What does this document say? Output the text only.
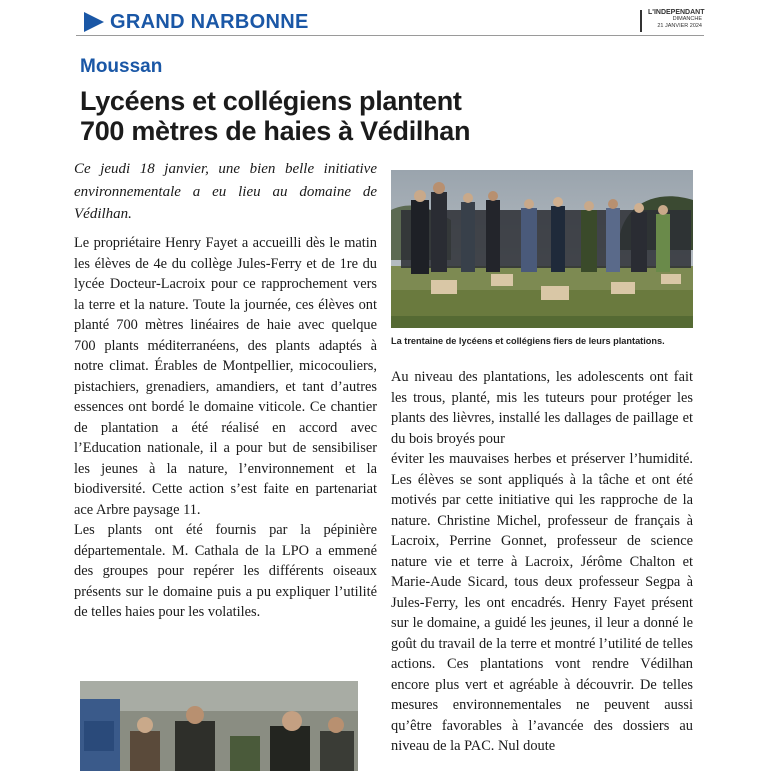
GRAND NARBONNE	L'INDEPENDANT
DIMANCHE
21 JANVIER 2024
Moussan
Lycéens et collégiens plantent
700 mètres de haies à Védilhan
Ce jeudi 18 janvier, une bien belle initiative environnementale a eu lieu au domaine de Védilhan.

Le propriétaire Henry Fayet a accueilli dès le matin les élèves de 4e du collège Jules-Ferry et de 1re du lycée Docteur-Lacroix pour ce rapprochement vers la terre et la nature. Toute la journée, ces élèves ont planté 700 mètres linéaires de haie avec quelque 700 plants méditerranéens, des plants adaptés à notre climat. Érables de Montpellier, micocouliers, pistachiers, grenadiers, amandiers, et tant d’autres essences ont bordé le domaine viticole. Ce chantier de plantation a été réalisé en accord avec l’Education nationale, il a pour but de sensibiliser les jeunes à la nature, l’environnement et la biodiversité. Cette action s’est faite en partenariat ace Arbre paysage 11.

Les plants ont été fournis par la pépinière départementale. M. Cathala de la LPO a emmené des groupes pour repérer les différents oiseaux présents sur le domaine puis a pu expliquer l’utilité de telles haies pour les volatiles.

La trentaine de lycéens et collégiens fiers de leurs plantations.

Au niveau des plantations, les adolescents ont fait les trous, planté, mis les tuteurs pour protéger les plants des lièvres, installé les dallages de paillage et du bois broyés pour

éviter les mauvaises herbes et préserver l’humidité. Les élèves se sont appliqués à la tâche et ont été motivés par cette initiative qui les rapproche de la nature. Christine Michel, professeur de français à Lacroix, Perrine Gonnet, professeur de science nature vie et terre à Lacroix, Jérôme Chalton et Marie-Aude Sicard, tous deux professeur Segpa à Jules-Ferry, les ont encadrés. Henry Fayet présent sur le domaine, a guidé les jeunes, il leur a donné le goût du travail de la terre et montré l’utilité de telles actions. Ces plantations vont rendre Védilhan encore plus vert et agréable à découvrir. De telles mesures environnementales ne peuvent aussi qu’être favorables à l’avancée des dossiers au niveau de la PAC. Nul doute
